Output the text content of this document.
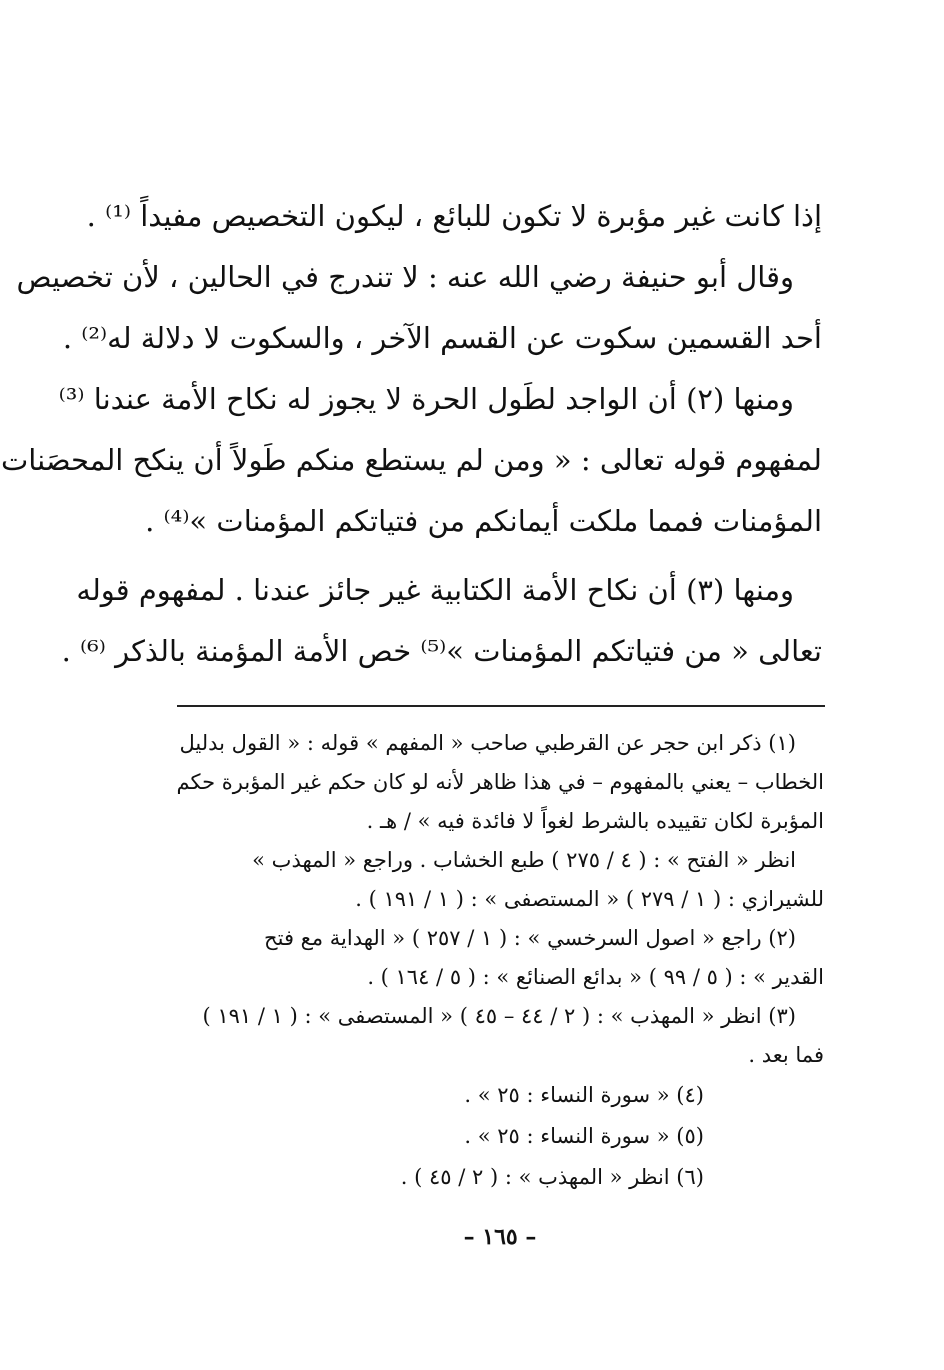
إذا كانت غير مؤبرة لا تكون للبائع ، ليكون التخصيص مفيداً ⁽¹⁾ .
وقال أبو حنيفة رضي الله عنه : لا تندرج في الحالين ، لأن تخصيص
أحد القسمين سكوت عن القسم الآخر ، والسكوت لا دلالة له⁽²⁾ .
ومنها (٢) أن الواجد لطَول الحرة لا يجوز له نكاح الأمة عندنا ⁽³⁾
لمفهوم قوله تعالى : « ومن لم يستطع منكم طَولاً أن ينكح المحصَنات
المؤمنات فمما ملكت أيمانكم من فتياتكم المؤمنات »⁽⁴⁾ .
ومنها (٣) أن نكاح الأمة الكتابية غير جائز عندنا . لمفهوم قوله
تعالى « من فتياتكم المؤمنات »⁽⁵⁾ خص الأمة المؤمنة بالذكر ⁽⁶⁾ .
(١) ذكر ابن حجر عن القرطبي صاحب « المفهم » قوله : « القول بدليل
الخطاب – يعني بالمفهوم – في هذا ظاهر لأنه لو كان حكم غير المؤبرة حكم
المؤبرة لكان تقييده بالشرط لغواً لا فائدة فيه » / هـ .
انظر « الفتح » : ( ٤ / ٢٧٥ ) طبع الخشاب . وراجع « المهذب »
للشيرازي : ( ١ / ٢٧٩ ) « المستصفى » : ( ١ / ١٩١ ) .
(٢) راجع « اصول السرخسي » : ( ١ / ٢٥٧ ) « الهداية مع فتح
القدير » : ( ٥ / ٩٩ ) « بدائع الصنائع » : ( ٥ / ١٦٤ ) .
(٣) انظر « المهذب » : ( ٢ / ٤٤ – ٤٥ ) « المستصفى » : ( ١ / ١٩١ )
فما بعد .
(٤) « سورة النساء : ٢٥ » .
(٥) « سورة النساء : ٢٥ » .
(٦) انظر « المهذب » : ( ٢ / ٤٥ ) .
– ١٦٥ –
